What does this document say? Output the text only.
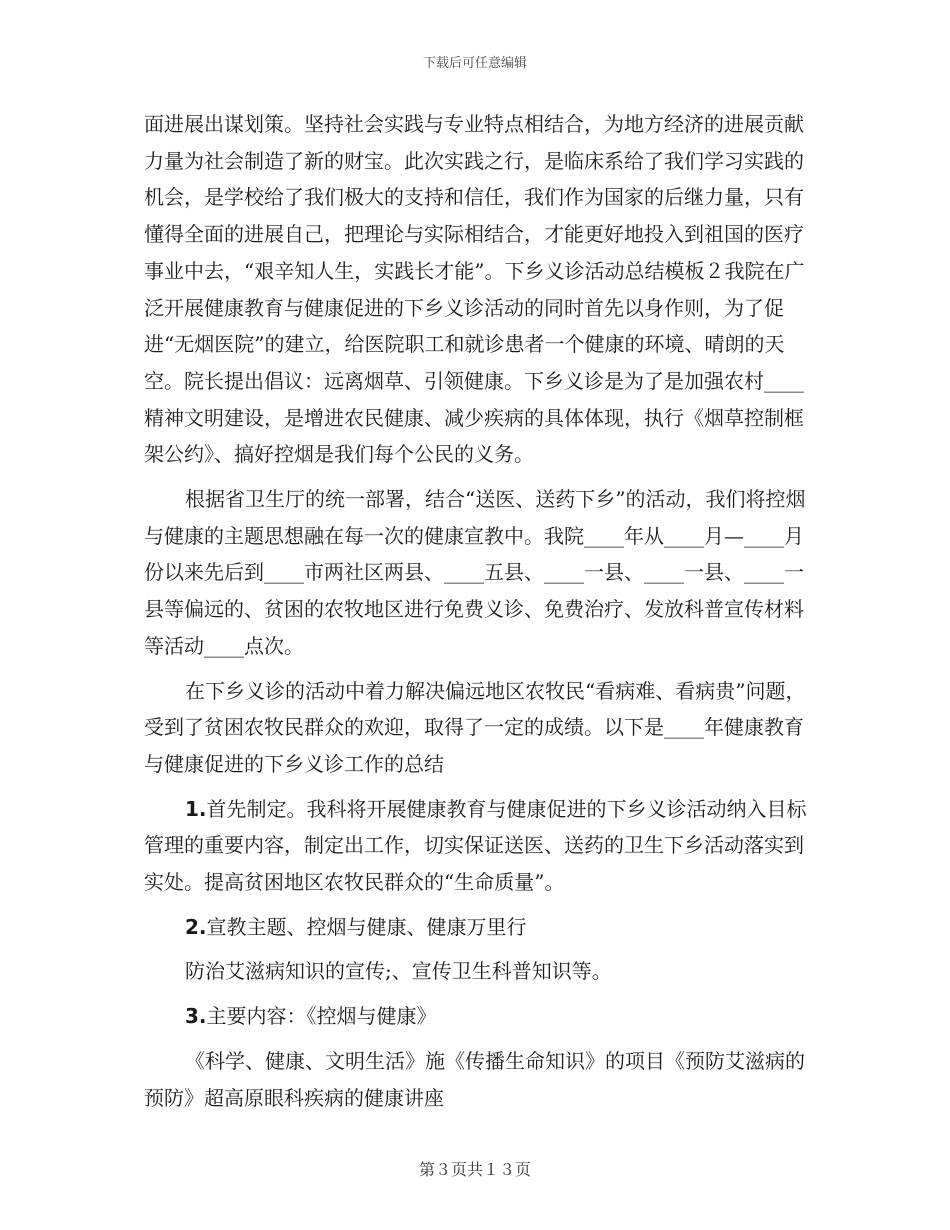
下载后可任意编辑

面进展出谋划策。坚持社会实践与专业特点相结合，为地方经济的进展贡献力量为社会制造了新的财宝。此次实践之行，是临床系给了我们学习实践的机会，是学校给了我们极大的支持和信任，我们作为国家的后继力量，只有懂得全面的进展自己，把理论与实际相结合，才能更好地投入到祖国的医疗事业中去，“艰辛知人生，实践长才能”。下乡义诊活动总结模板２我院在广泛开展健康教育与健康促进的下乡义诊活动的同时首先以身作则，为了促进“无烟医院”的建立，给医院职工和就诊患者一个健康的环境、晴朗的天空。院长提出倡议：远离烟草、引领健康。下乡义诊是为了是加强农村____精神文明建设，是增进农民健康、减少疾病的具体体现，执行《烟草控制框架公约》、搞好控烟是我们每个公民的义务。

根据省卫生厅的统一部署，结合“送医、送药下乡”的活动，我们将控烟与健康的主题思想融在每一次的健康宣教中。我院____年从____月—____月份以来先后到____市两社区两县、____五县、____一县、____一县、____一县等偏远的、贫困的农牧地区进行免费义诊、免费治疗、发放科普宣传材料等活动____点次。

在下乡义诊的活动中着力解决偏远地区农牧民“看病难、看病贵”问题，受到了贫困农牧民群众的欢迎，取得了一定的成绩。以下是____年健康教育与健康促进的下乡义诊工作的总结

1.首先制定。我科将开展健康教育与健康促进的下乡义诊活动纳入目标管理的重要内容，制定出工作，切实保证送医、送药的卫生下乡活动落实到实处。提高贫困地区农牧民群众的“生命质量”。

2.宣教主题、控烟与健康、健康万里行

防治艾滋病知识的宣传;、宣传卫生科普知识等。

3.主要内容：《控烟与健康》

《科学、健康、文明生活》施《传播生命知识》的项目《预防艾滋病的预防》超高原眼科疾病的健康讲座

第３页共１３页
